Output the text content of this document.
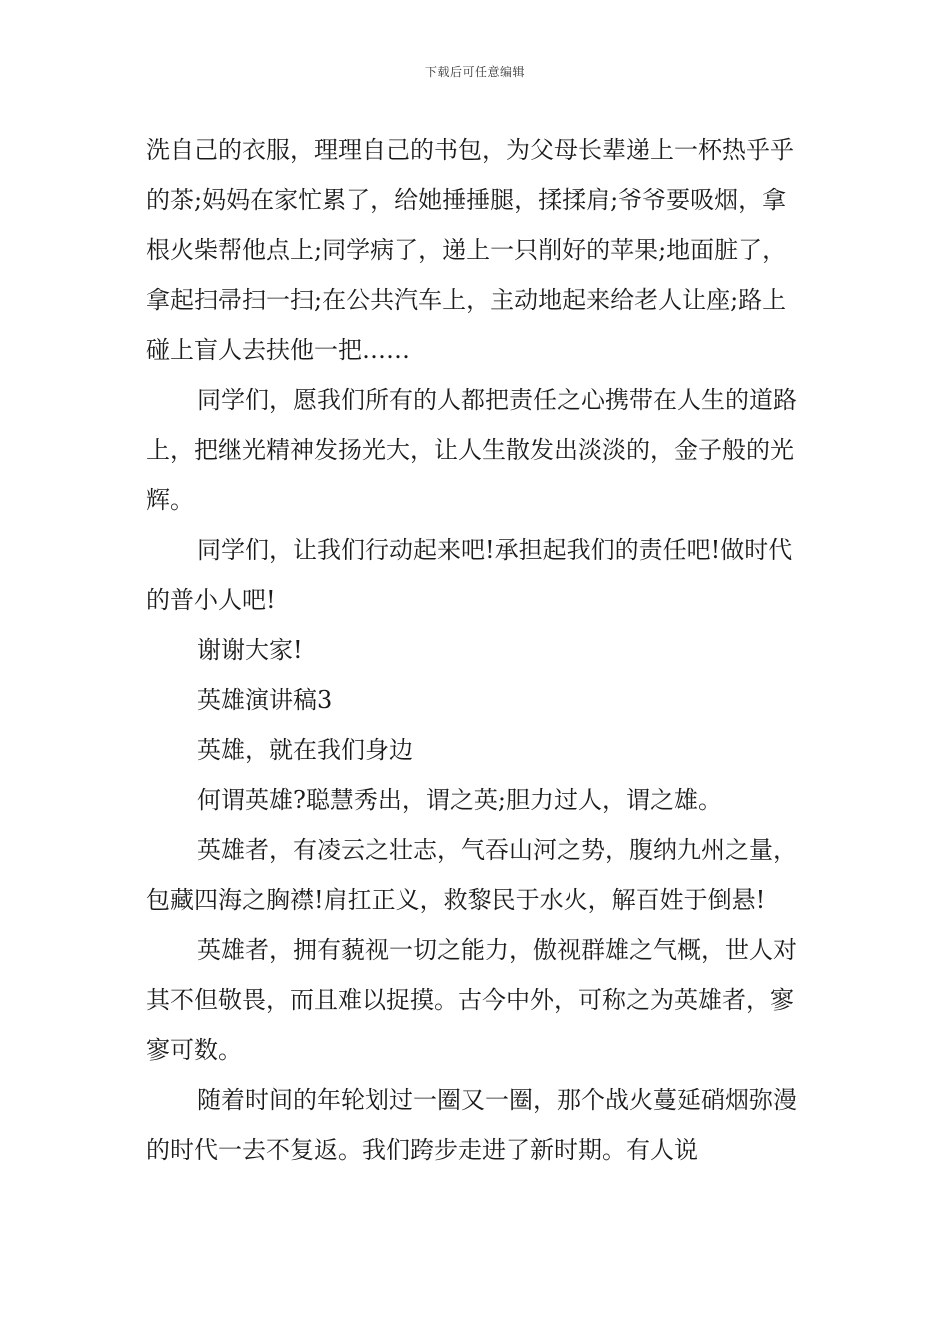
下载后可任意编辑

洗自己的衣服，理理自己的书包，为父母长辈递上一杯热乎乎的茶;妈妈在家忙累了，给她捶捶腿，揉揉肩;爷爷要吸烟，拿根火柴帮他点上;同学病了，递上一只削好的苹果;地面脏了，拿起扫帚扫一扫;在公共汽车上，主动地起来给老人让座;路上碰上盲人去扶他一把……

同学们，愿我们所有的人都把责任之心携带在人生的道路上，把继光精神发扬光大，让人生散发出淡淡的，金子般的光辉。

同学们，让我们行动起来吧!承担起我们的责任吧!做时代的普小人吧!

谢谢大家!

英雄演讲稿3

英雄，就在我们身边

何谓英雄?聪慧秀出，谓之英;胆力过人，谓之雄。

英雄者，有凌云之壮志，气吞山河之势，腹纳九州之量，包藏四海之胸襟!肩扛正义，救黎民于水火，解百姓于倒悬!

英雄者，拥有藐视一切之能力，傲视群雄之气概，世人对其不但敬畏，而且难以捉摸。古今中外，可称之为英雄者，寥寥可数。

随着时间的年轮划过一圈又一圈，那个战火蔓延硝烟弥漫的时代一去不复返。我们跨步走进了新时期。有人说
